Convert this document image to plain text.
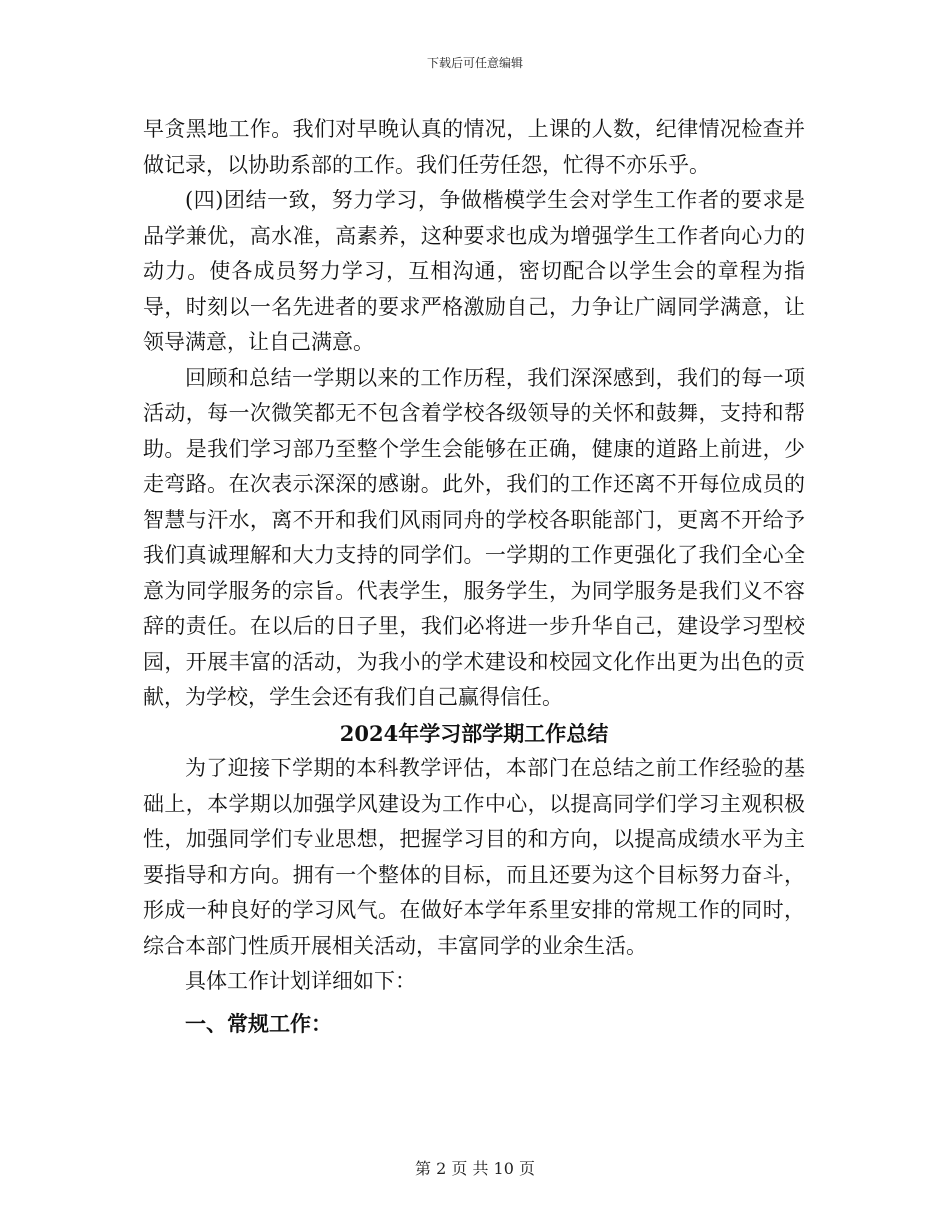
下载后可任意编辑

早贪黑地工作。我们对早晚认真的情况，上课的人数，纪律情况检查并做记录，以协助系部的工作。我们任劳任怨，忙得不亦乐乎。

(四)团结一致，努力学习，争做楷模学生会对学生工作者的要求是品学兼优，高水准，高素养，这种要求也成为增强学生工作者向心力的动力。使各成员努力学习，互相沟通，密切配合以学生会的章程为指导，时刻以一名先进者的要求严格激励自己，力争让广阔同学满意，让领导满意，让自己满意。

回顾和总结一学期以来的工作历程，我们深深感到，我们的每一项活动，每一次微笑都无不包含着学校各级领导的关怀和鼓舞，支持和帮助。是我们学习部乃至整个学生会能够在正确，健康的道路上前进，少走弯路。在次表示深深的感谢。此外，我们的工作还离不开每位成员的智慧与汗水，离不开和我们风雨同舟的学校各职能部门，更离不开给予我们真诚理解和大力支持的同学们。一学期的工作更强化了我们全心全意为同学服务的宗旨。代表学生，服务学生，为同学服务是我们义不容辞的责任。在以后的日子里，我们必将进一步升华自己，建设学习型校园，开展丰富的活动，为我小的学术建设和校园文化作出更为出色的贡献，为学校，学生会还有我们自己赢得信任。

2024年学习部学期工作总结

为了迎接下学期的本科教学评估，本部门在总结之前工作经验的基础上，本学期以加强学风建设为工作中心，以提高同学们学习主观积极性，加强同学们专业思想，把握学习目的和方向，以提高成绩水平为主要指导和方向。拥有一个整体的目标，而且还要为这个目标努力奋斗，形成一种良好的学习风气。在做好本学年系里安排的常规工作的同时，综合本部门性质开展相关活动，丰富同学的业余生活。

具体工作计划详细如下：

一、常规工作：

第 2 页 共 10 页
